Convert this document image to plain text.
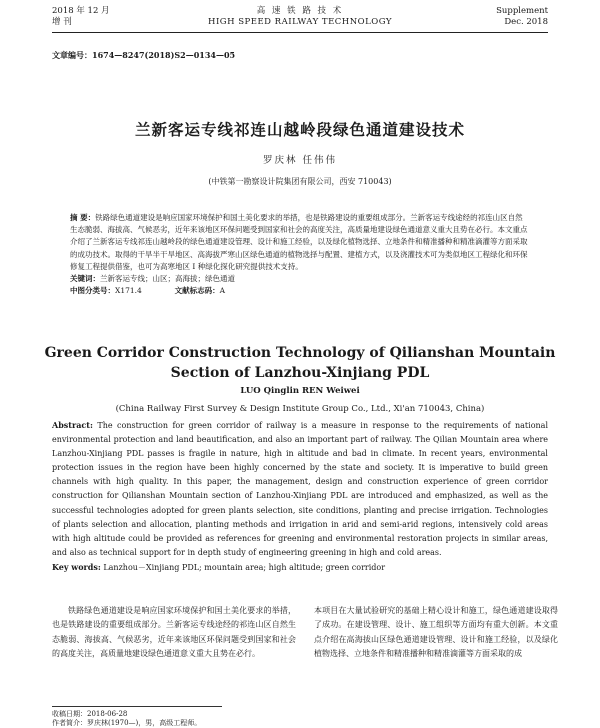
2018 年 12 月
增 刊
高 速 铁 路 技 术
HIGH SPEED RAILWAY TECHNOLOGY
Supplement
Dec. 2018
文章编号：1674—8247(2018)S2—0134—05
兰新客运专线祁连山越岭段绿色通道建设技术
罗庆林 任伟伟
(中铁第一勘察设计院集团有限公司，西安 710043)
摘 要：铁路绿色通道建设是响应国家环境保护和国土美化要求的举措，也是铁路建设的重要组成部分。兰新客运专线途经的祁连山区自然生态脆弱、海拔高、气候恶劣，近年来该地区环保问题受到国家和社会的高度关注，高质量地建设绿色通道意义重大且势在必行。本文重点介绍了兰新客运专线祁连山越岭段的绿色通道建设管理、设计和施工经验，以及绿化植物选择、立地条件和精准播种和精准滴灌等方面采取的成功技术。取得的干旱半干旱地区、高海拔严寒山区绿色通道的植物选择与配置、建植方式，以及浇灌技术可为类似地区工程绿化和环保修复工程提供借鉴，也可为高寒地区 I 种绿化探化研究提供技术支持。
关键词：兰新客运专线；山区；高海拔；绿色通道
中图分类号：X171.4	文献标志码：A
Green Corridor Construction Technology of Qilianshan Mountain
Section of Lanzhou-Xinjiang PDL
LUO Qinglin REN Weiwei
(China Railway First Survey & Design Institute Group Co., Ltd., Xi'an 710043, China)
Abstract: The construction for green corridor of railway is a measure in response to the requirements of national environmental protection and land beautification, and also an important part of railway. The Qilian Mountain area where Lanzhou-Xinjiang PDL passes is fragile in nature, high in altitude and bad in climate. In recent years, environmental protection issues in the region have been highly concerned by the state and society. It is imperative to build green channels with high quality. In this paper, the management, design and construction experience of green corridor construction for Qilianshan Mountain section of Lanzhou-Xinjiang PDL are introduced and emphasized, as well as the successful technologies adopted for green plants selection, site conditions, planting and precise irrigation. Technologies of plants selection and allocation, planting methods and irrigation in arid and semi-arid regions, intensively cold areas with high altitude could be provided as references for greening and environmental restoration projects in similar areas, and also as technical support for in depth study of engineering greening in high and cold areas.
Key words: Lanzhou－Xinjiang PDL; mountain area; high altitude; green corridor
铁路绿色通道建设是响应国家环境保护和国土美化要求的举措，也是铁路建设的重要组成部分。兰新客运专线途经的祁连山区自然生态脆弱、海拔高、气候恶劣，近年来该地区环保问题受到国家和社会的高度关注，高质量地建设绿色通道意义重大且势在必行。
本项目在大量试验研究的基础上精心设计和施工，绿色通道建设取得了成功。在建设管理、设计、施工组织等方面均有重大创新。本文重点介绍在高海拔山区绿色通道建设管理、设计和施工经验，以及绿化植物选择、立地条件和精准播种和精准滴灌等方面采取的成
收稿日期：2018-06-28
作者简介：罗庆林(1970—)，男，高级工程师。
